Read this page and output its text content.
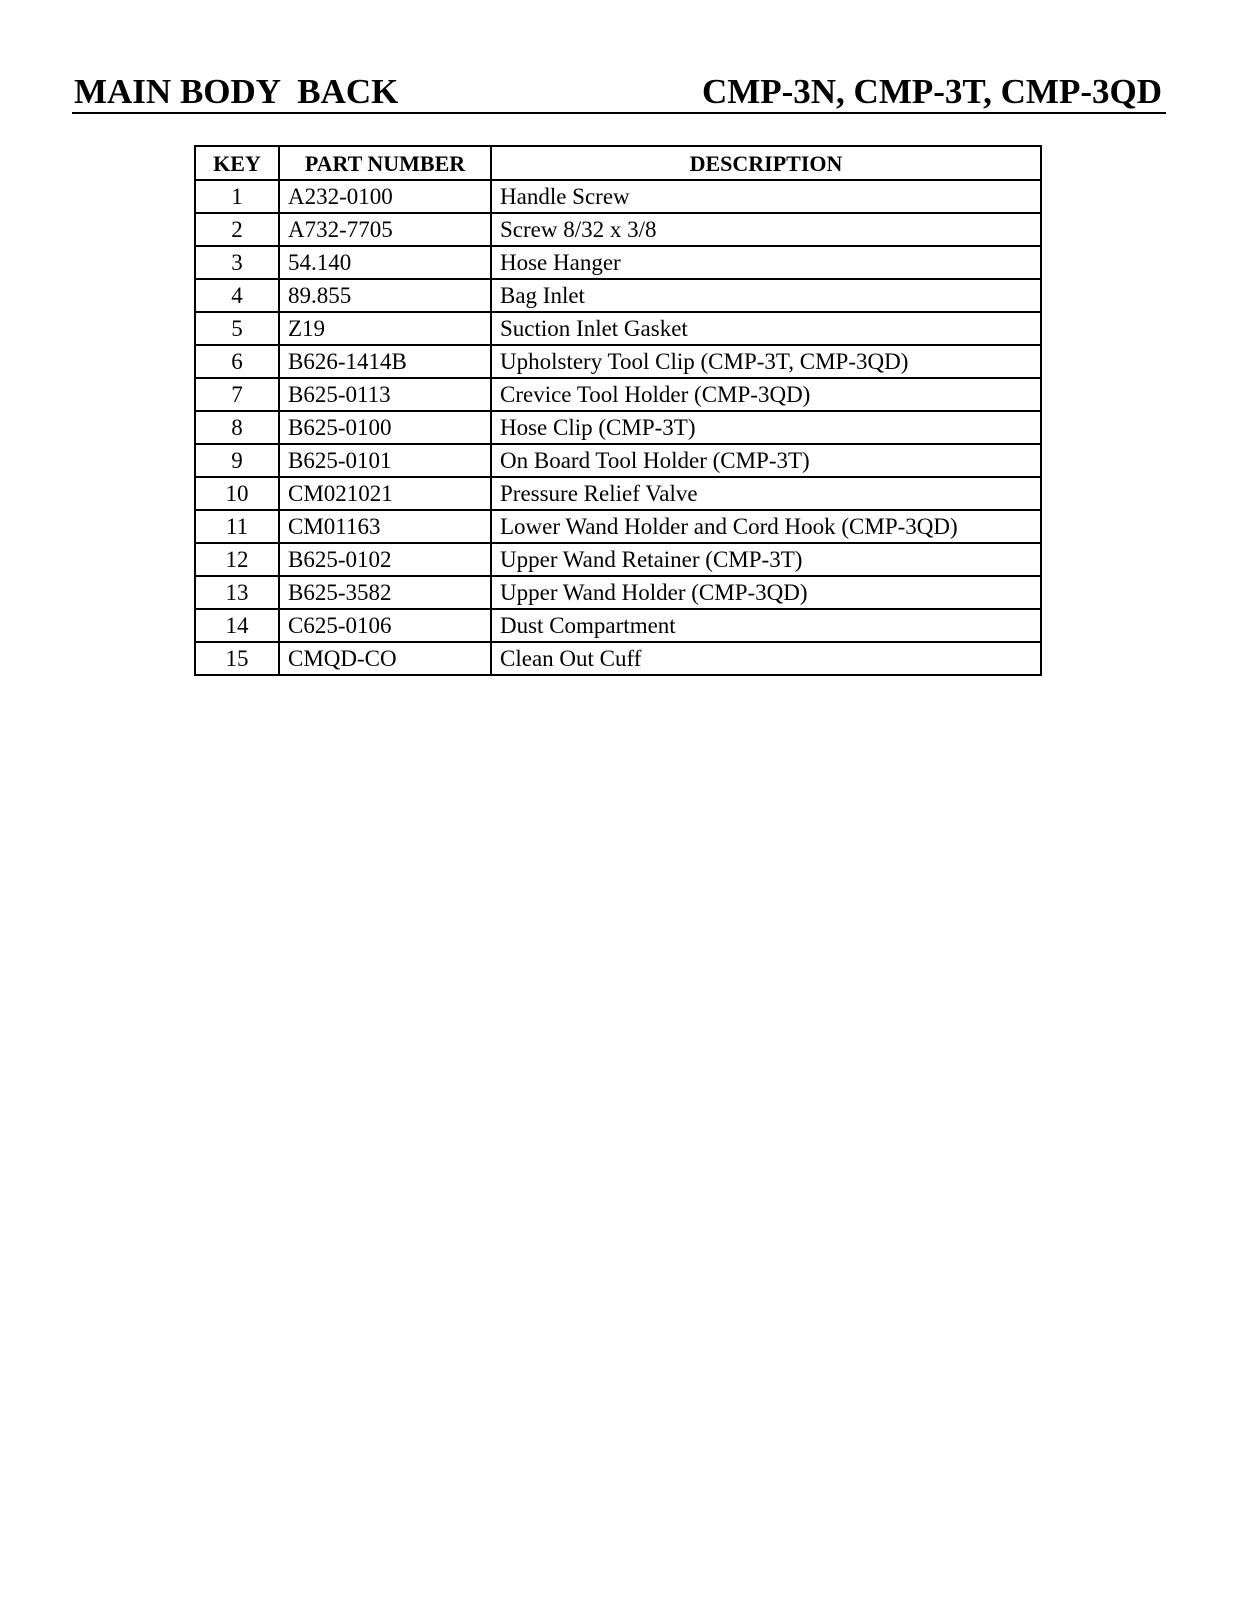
MAIN BODY  BACK	CMP-3N, CMP-3T, CMP-3QD
KEY	PART NUMBER	DESCRIPTION
1	A232-0100	Handle Screw
2	A732-7705	Screw 8/32 x 3/8
3	54.140	Hose Hanger
4	89.855	Bag Inlet
5	Z19	Suction Inlet Gasket
6	B626-1414B	Upholstery Tool Clip (CMP-3T, CMP-3QD)
7	B625-0113	Crevice Tool Holder (CMP-3QD)
8	B625-0100	Hose Clip (CMP-3T)
9	B625-0101	On Board Tool Holder (CMP-3T)
10	CM021021	Pressure Relief Valve
11	CM01163	Lower Wand Holder and Cord Hook (CMP-3QD)
12	B625-0102	Upper Wand Retainer (CMP-3T)
13	B625-3582	Upper Wand Holder (CMP-3QD)
14	C625-0106	Dust Compartment
15	CMQD-CO	Clean Out Cuff
